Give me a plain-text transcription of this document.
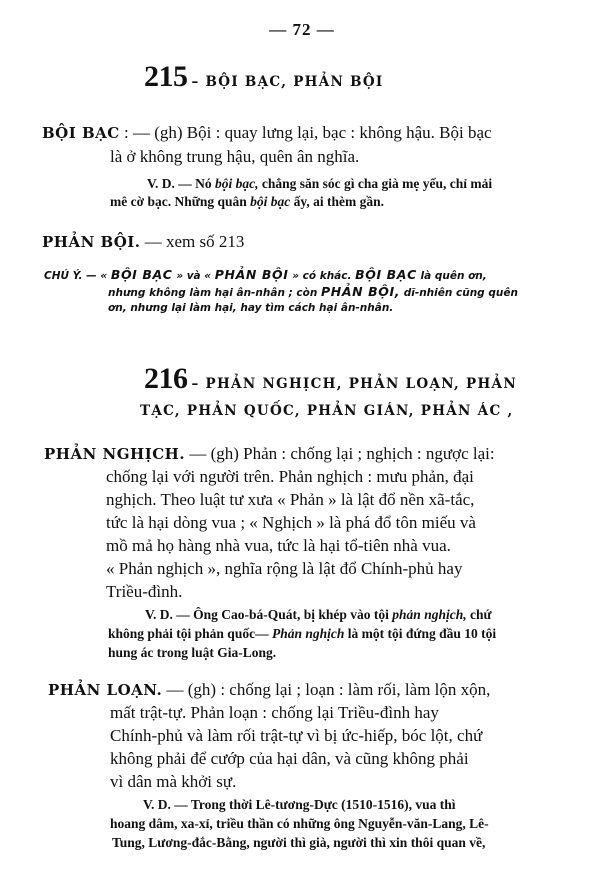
— 72 —
215 – BỘI BẠC, PHẢN BỘI
BỘI BẠC : — (gh) Bội : quay lưng lại, bạc : không hậu. Bội bạc
là ở không trung hậu, quên ân nghĩa.
V. D. — Nó bội bạc, chẳng săn sóc gì cha già mẹ yếu, chỉ mải
mê cờ bạc. Những quân bội bạc ấy, ai thèm gần.
PHẢN BỘI. — xem số 213
CHÚ Ý. — « BỘI BẠC » và « PHẢN BỘI » có khác. BỘI BẠC là quên ơn,
nhưng không làm hại ân-nhân ; còn PHẢN BỘI, dĩ-nhiên cũng quên
ơn, nhưng lại làm hại, hay tìm cách hại ân-nhân.
216 – PHẢN NGHỊCH, PHẢN LOẠN, PHẢN
TẠC, PHẢN QUỐC, PHẢN GIÁN, PHẢN ÁC ,
PHẢN NGHỊCH. — (gh) Phản : chống lại ; nghịch : ngược lại:
chống lại với người trên. Phản nghịch : mưu phản, đại
nghịch. Theo luật tư xưa « Phản » là lật đổ nền xã-tắc,
tức là hại dòng vua ; « Nghịch » là phá đổ tôn miếu và
mồ mả họ hàng nhà vua, tức là hại tổ-tiên nhà vua.
« Phản nghịch », nghĩa rộng là lật đổ Chính-phủ hay
Triều-đình.
V. D. — Ông Cao-bá-Quát, bị khép vào tội phản nghịch, chứ
không phải tội phản quốc— Phản nghịch là một tội đứng đầu 10 tội
hung ác trong luật Gia-Long.
PHẢN LOẠN. — (gh) : chống lại ; loạn : làm rối, làm lộn xộn,
mất trật-tự. Phản loạn : chống lại Triều-đình hay
Chính-phủ và làm rối trật-tự vì bị ức-hiếp, bóc lột, chứ
không phải để cướp của hại dân, và cũng không phải
vì dân mà khởi sự.
V. D. — Trong thời Lê-tương-Dực (1510-1516), vua thì
hoang dâm, xa-xỉ, triều thần có những ông Nguyễn-văn-Lang, Lê-
Tung, Lương-đắc-Bằng, người thì già, người thì xin thôi quan về,
